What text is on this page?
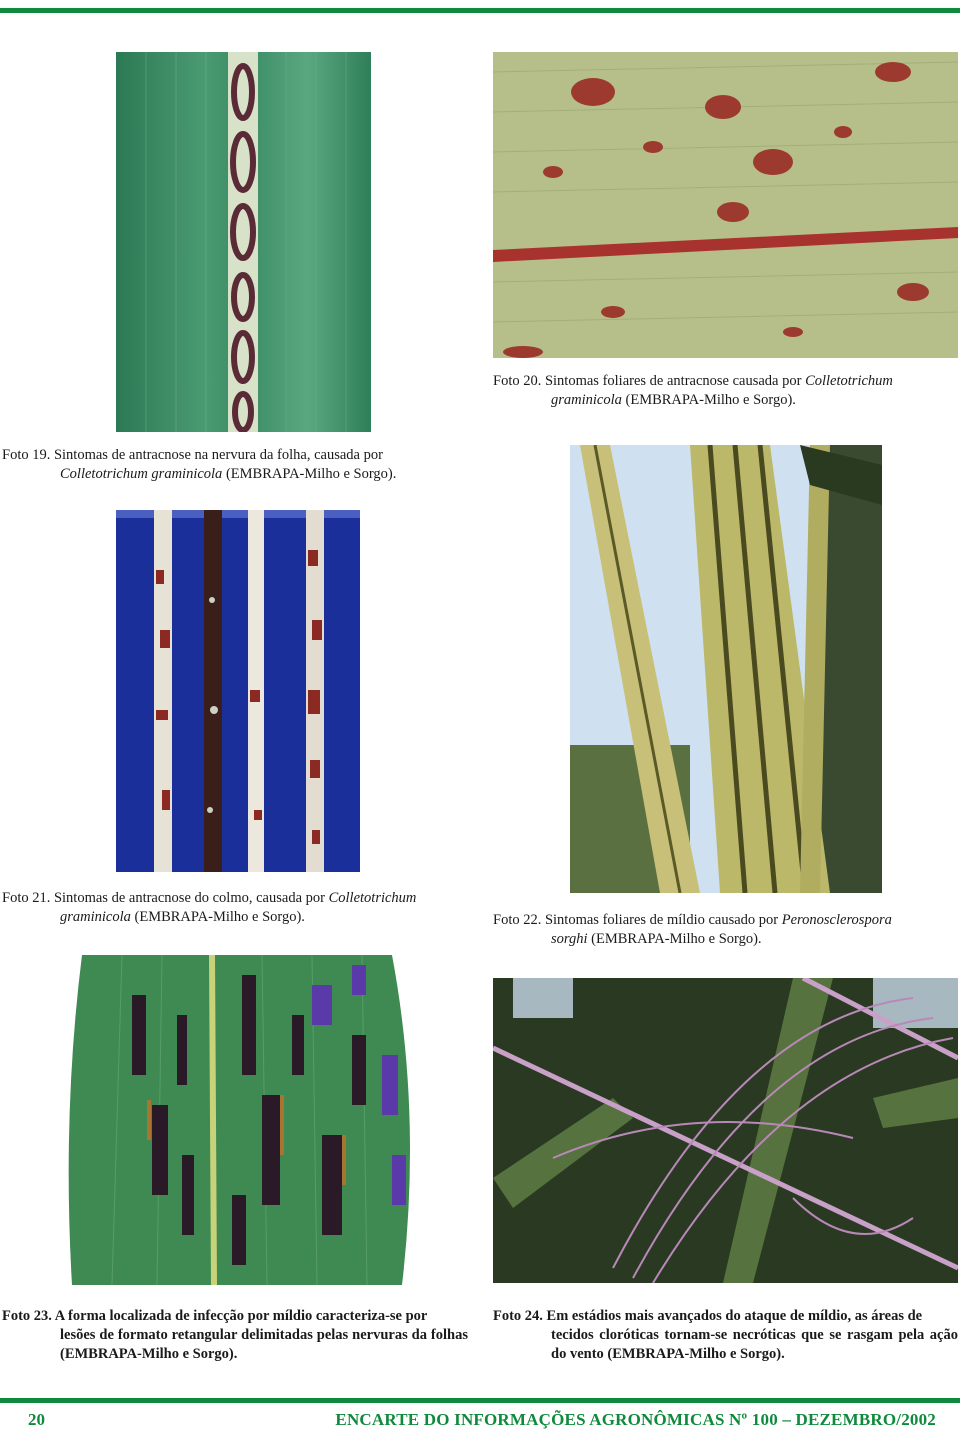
Foto 20. Sintomas foliares de antracnose causada por Colletotrichum
graminicola (EMBRAPA-Milho e Sorgo).
Foto 19. Sintomas de antracnose na nervura da folha, causada por
Colletotrichum graminicola (EMBRAPA-Milho e Sorgo).
Foto 21. Sintomas de antracnose do colmo, causada por Colletotrichum
graminicola (EMBRAPA-Milho e Sorgo).	Foto 22. Sintomas foliares de míldio causado por Peronosclerospora
sorghi (EMBRAPA-Milho e Sorgo).
Foto 23. A forma localizada de infecção por míldio caracteriza-se por
lesões de formato retangular delimitadas pelas nervuras da folhas (EMBRAPA-Milho e Sorgo).
Foto 24. Em estádios mais avançados do ataque de míldio, as áreas de
tecidos cloróticas tornam-se necróticas que se rasgam pela ação do vento (EMBRAPA-Milho e Sorgo).
20	ENCARTE DO INFORMAÇÕES AGRONÔMICAS Nº 100 – DEZEMBRO/2002
